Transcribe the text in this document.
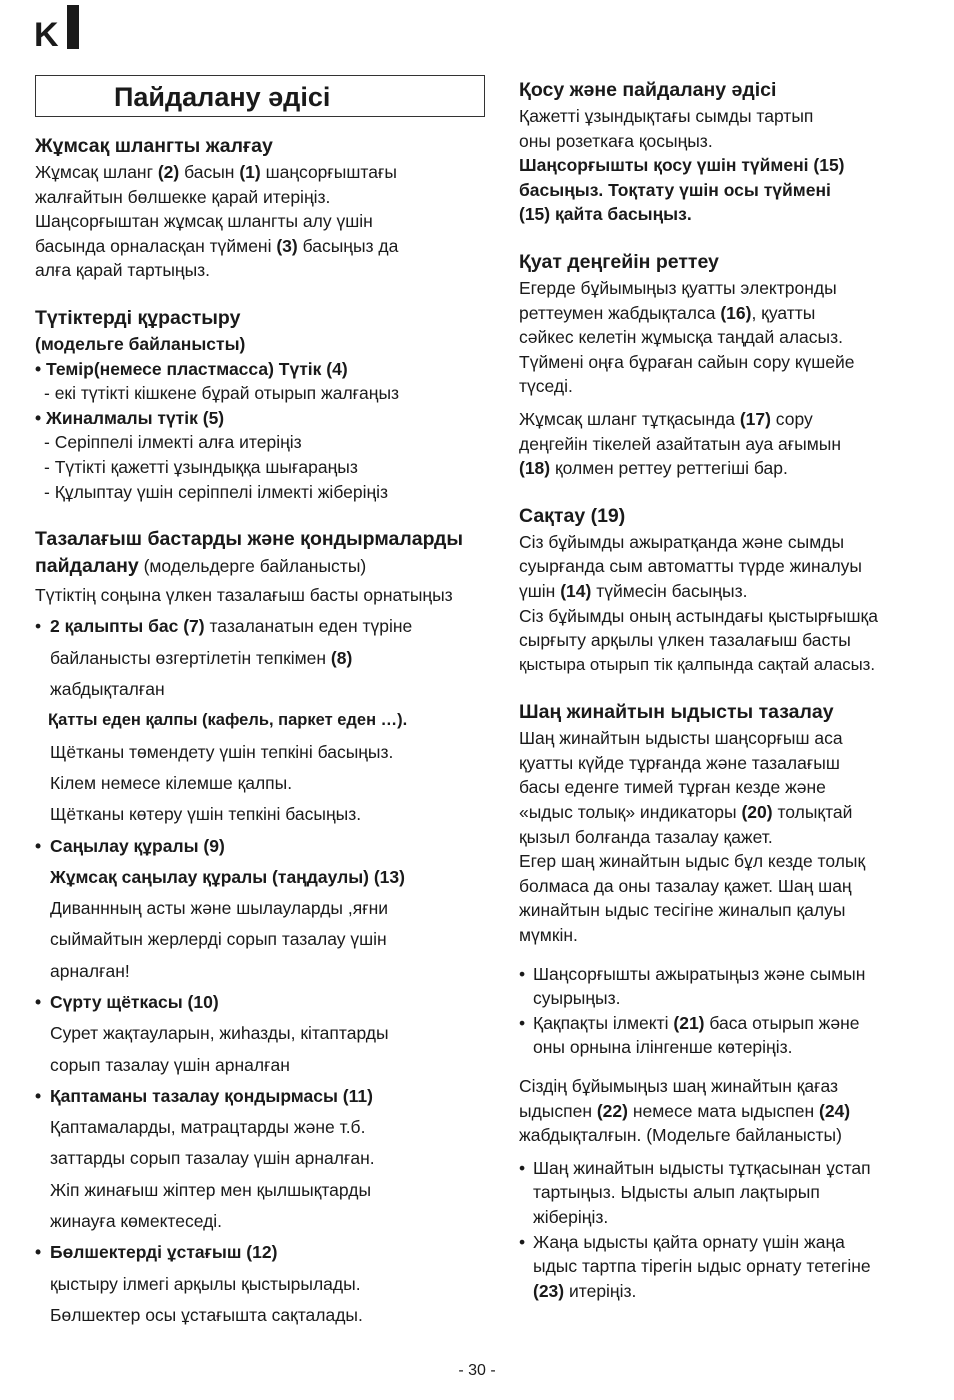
K
Пайдалану әдісі

Жұмсақ шлангты жалғау

Жұмсақ шланг (2) басын (1) шаңсорғыштағы

жалғайтын бөлшекке қарай итеріңіз.

Шаңсорғыштан жұмсақ шлангты алу үшін

басында орналасқан түймені (3) басыңыз да

алға қарай тартыңыз.

Түтіктерді құрастыру

(модельге байланысты)

• Темір(немесе пластмасса) Түтік (4)

- екі түтікті кішкене бұрай отырып жалғаңыз

• Жиналмалы түтік (5)

- Серіппелі ілмекті алға итеріңіз

- Түтікті қажетті ұзындыққа шығараңыз

- Құлыптау үшін серіппелі ілмекті жіберіңіз

Тазалағыш бастарды және қондырмаларды

пайдалану (модельдерге байланысты)

Түтіктің соңына үлкен тазалағыш басты орнатыңыз

• 2 қалыпты бас (7) тазаланатын еден түріне

байланысты өзгертілетін тепкімен (8)

жабдықталған

Қатты еден қалпы (кафель, паркет еден …).

Щётканы төмендету үшін тепкіні басыңыз.

Кілем немесе кілемше қалпы.

Щётканы көтеру үшін тепкіні басыңыз.

• Саңылау құралы (9)

Жұмсақ саңылау құралы (таңдаулы) (13)

Диваннның асты және шылауларды ,яғни

сыймайтын жерлерді сорып тазалау үшін

арналған!

• Сүрту щёткасы (10)

Сурет жақтауларын, жиһазды, кітаптарды

сорып тазалау үшін арналған

• Қаптаманы тазалау қондырмасы (11)

Қаптамаларды, матрацтарды және т.б.

заттарды сорып тазалау үшін арналған.

Жіп жинағыш жіптер мен қылшықтарды

жинауға көмектеседі.

• Бөлшектерді ұстағыш (12)

қыстыру ілмегі арқылы қыстырылады.

Бөлшектер осы ұстағышта сақталады.

Қосу және пайдалану әдісі

Қажетті ұзындықтағы сымды тартып

оны розеткаға қосыңыз.

Шаңсорғышты қосу үшін түймені (15)

басыңыз. Тоқтату үшін осы түймені

(15) қайта басыңыз.

Қуат деңгейін реттеу

Егерде бұйымыңыз қуатты электронды

реттеумен жабдықталса (16), қуатты

сәйкес келетін жұмысқа таңдай аласыз.

Түймені оңға бұраған сайын сору күшейе

түседі.

Жұмсақ шланг тұтқасында (17) сору

деңгейін тікелей азайтатын ауа ағымын

(18) қолмен реттеу реттегіші бар.

Сақтау (19)

Сіз бұйымды ажыратқанда және сымды

суырғанда сым автоматты түрде жиналуы

үшін (14) түймесін басыңыз.

Сіз бұйымды оның астындағы қыстырғышқа

сырғыту арқылы үлкен тазалағыш басты

қыстыра отырып тік қалпында сақтай аласыз.

Шаң жинайтын ыдысты тазалау

Шаң жинайтын ыдысты шаңсорғыш аса

қуатты күйде тұрғанда және тазалағыш

басы еденге тимей тұрған кезде және

«ыдыс толық» индикаторы (20) толықтай

қызыл болғанда тазалау қажет.

Егер шаң жинайтын ыдыс бұл кезде толық

болмаса да оны тазалау қажет. Шаң шаң

жинайтын ыдыс тесігіне жиналып қалуы

мүмкін.

• Шаңсорғышты ажыратыңыз және сымын

суырыңыз.

• Қақпақты ілмекті (21) баса отырып және

оны орнына ілінгенше көтеріңіз.

Сіздің бұйымыңыз шаң жинайтын қағаз

ыдыспен (22) немесе мата ыдыспен (24)

жабдықталғын. (Модельге байланысты)

• Шаң жинайтын ыдысты тұтқасынан ұстап

тартыңыз. Ыдысты алып лақтырып

жіберіңіз.

• Жаңа ыдысты қайта орнату үшін жаңа

ыдыс тартпа тірегін ыдыс орнату тетегіне

(23) итеріңіз.

- 30 -
